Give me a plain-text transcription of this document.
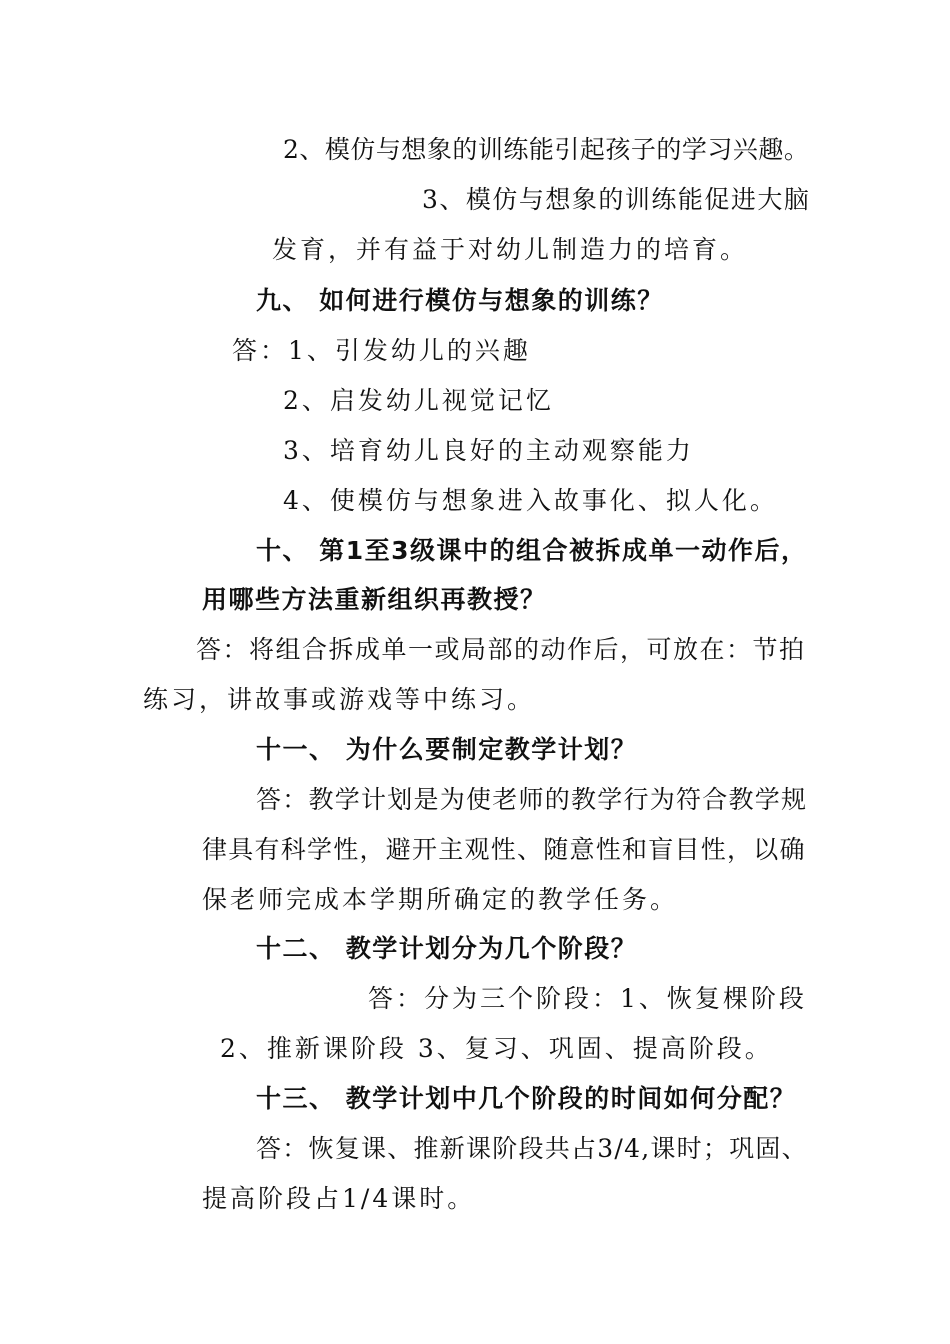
2、模仿与想象的训练能引起孩子的学习兴趣。
3、模仿与想象的训练能促进大脑
发育，并有益于对幼儿制造力的培育。
九、 如何进行模仿与想象的训练？
答：1、引发幼儿的兴趣
2、启发幼儿视觉记忆
3、培育幼儿良好的主动观察能力
4、使模仿与想象进入故事化、拟人化。
十、 第1至3级课中的组合被拆成单一动作后，
用哪些方法重新组织再教授？
答：将组合拆成单一或局部的动作后，可放在：节拍
练习，讲故事或游戏等中练习。
十一、 为什么要制定教学计划？
答：教学计划是为使老师的教学行为符合教学规
律具有科学性，避开主观性、随意性和盲目性，以确
保老师完成本学期所确定的教学任务。
十二、 教学计划分为几个阶段？
答：分为三个阶段：1、恢复棵阶段
2、推新课阶段 3、复习、巩固、提高阶段。
十三、 教学计划中几个阶段的时间如何分配？
答：恢复课、推新课阶段共占3/4,课时；巩固、
提高阶段占1/4课时。
